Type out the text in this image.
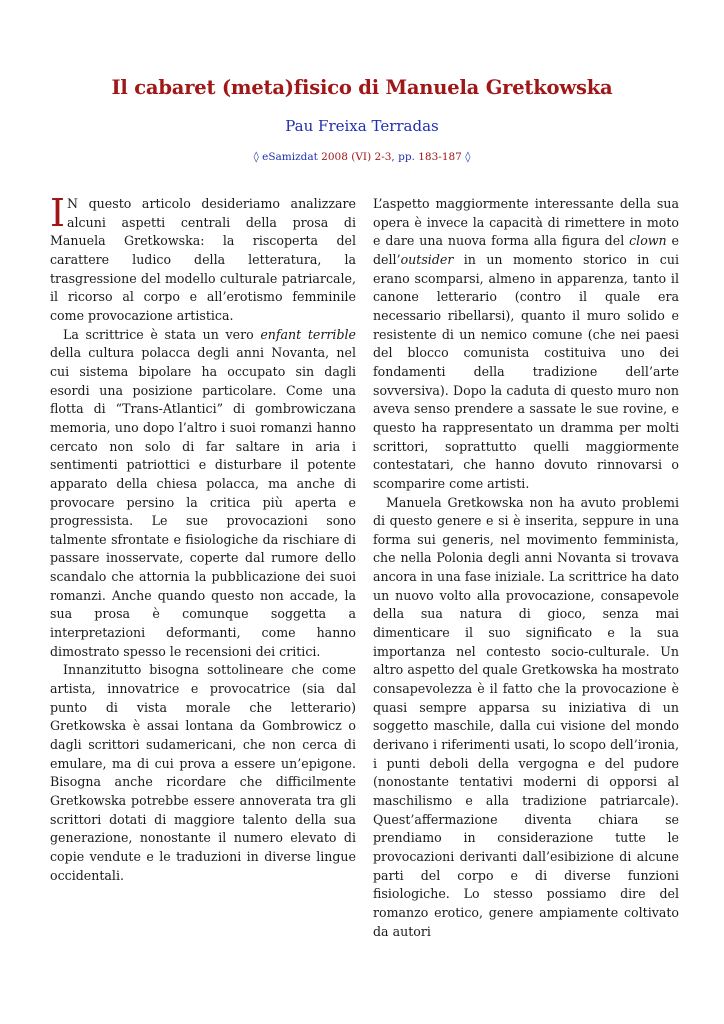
Il cabaret (meta)fisico di Manuela Gretkowska
Pau Freixa Terradas
◊ eSamizdat 2008 (VI) 2-3, pp. 183-187 ◊

I N questo articolo desideriamo analizzare alcuni aspetti centrali della prosa di Manuela Gretkowska: la riscoperta del carattere ludico della letteratura, la trasgressione del modello culturale patriarcale, il ricorso al corpo e all’erotismo femminile come provocazione artistica.

La scrittrice è stata un vero enfant terrible della cultura polacca degli anni Novanta, nel cui sistema bipolare ha occupato sin dagli esordi una posizione particolare. Come una flotta di “Trans-Atlantici” di gombrowiczana memoria, uno dopo l’altro i suoi romanzi hanno cercato non solo di far saltare in aria i sentimenti patriottici e disturbare il potente apparato della chiesa polacca, ma anche di provocare persino la critica più aperta e progressista. Le sue provocazioni sono talmente sfrontate e fisiologiche da rischiare di passare inosservate, coperte dal rumore dello scandalo che attornia la pubblicazione dei suoi romanzi. Anche quando questo non accade, la sua prosa è comunque soggetta a interpretazioni deformanti, come hanno dimostrato spesso le recensioni dei critici.

Innanzitutto bisogna sottolineare che come artista, innovatrice e provocatrice (sia dal punto di vista morale che letterario) Gretkowska è assai lontana da Gombrowicz o dagli scrittori sudamericani, che non cerca di emulare, ma di cui prova a essere un’epigone. Bisogna anche ricordare che difficilmente Gretkowska potrebbe essere annoverata tra gli scrittori dotati di maggiore talento della sua generazione, nonostante il numero elevato di copie vendute e le traduzioni in diverse lingue occidentali.

L’aspetto maggiormente interessante della sua opera è invece la capacità di rimettere in moto e dare una nuova forma alla figura del clown e dell’outsider in un momento storico in cui erano scomparsi, almeno in apparenza, tanto il canone letterario (contro il quale era necessario ribellarsi), quanto il muro solido e resistente di un nemico comune (che nei paesi del blocco comunista costituiva uno dei fondamenti della tradizione dell’arte sovversiva). Dopo la caduta di questo muro non aveva senso prendere a sassate le sue rovine, e questo ha rappresentato un dramma per molti scrittori, soprattutto quelli maggiormente contestatari, che hanno dovuto rinnovarsi o scomparire come artisti.

Manuela Gretkowska non ha avuto problemi di questo genere e si è inserita, seppure in una forma sui generis, nel movimento femminista, che nella Polonia degli anni Novanta si trovava ancora in una fase iniziale. La scrittrice ha dato un nuovo volto alla provocazione, consapevole della sua natura di gioco, senza mai dimenticare il suo significato e la sua importanza nel contesto socio-culturale. Un altro aspetto del quale Gretkowska ha mostrato consapevolezza è il fatto che la provocazione è quasi sempre apparsa su iniziativa di un soggetto maschile, dalla cui visione del mondo derivano i riferimenti usati, lo scopo dell’ironia, i punti deboli della vergogna e del pudore (nonostante tentativi moderni di opporsi al maschilismo e alla tradizione patriarcale). Quest’affermazione diventa chiara se prendiamo in considerazione tutte le provocazioni derivanti dall’esibizione di alcune parti del corpo e di diverse funzioni fisiologiche. Lo stesso possiamo dire del romanzo erotico, genere ampiamente coltivato da autori
